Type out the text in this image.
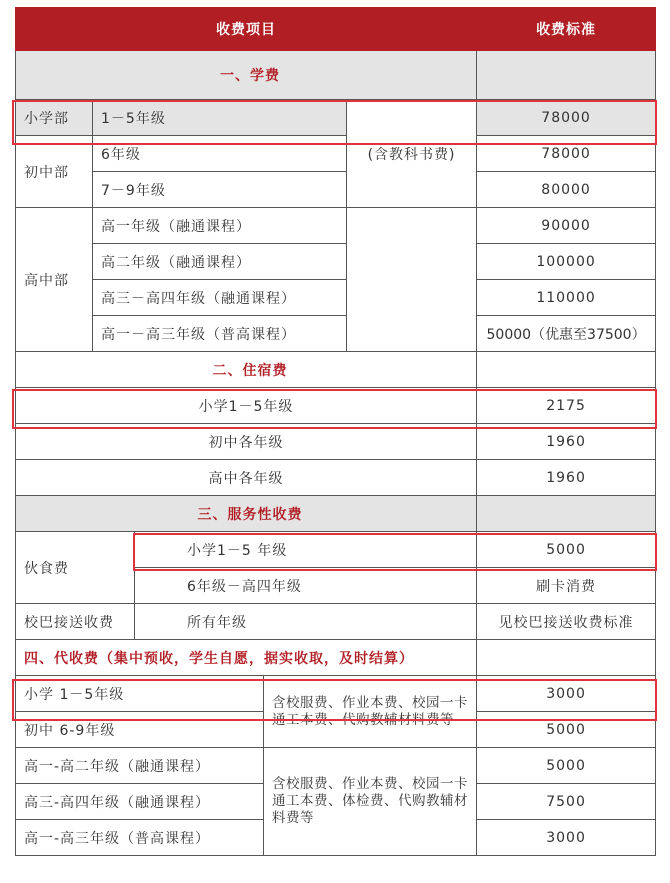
收费项目					收费标准
一、学费					
小学部	1－5年级			(含教科书费)	78000
初中部	6年级				78000
	7－9年级				80000
高中部	高一年级（融通课程）				90000
	高二年级（融通课程）				100000
	高三－高四年级（融通课程）				110000
	高一－高三年级（普高课程）				50000（优惠至37500）
二、住宿费					
小学1－5年级					2175
初中各年级					1960
高中各年级					1960
三、服务性收费					
伙食费		小学1－5 年级			5000
		6年级－高四年级			刷卡消费
校巴接送收费		所有年级			见校巴接送收费标准
四、代收费（集中预收，学生自愿，据实收取，及时结算）					
小学 1－5年级			含校服费、作业本费、校园一卡通工本费、代购教辅材料费等		3000
初中 6-9年级					5000
高一-高二年级（融通课程）			含校服费、作业本费、校园一卡通工本费、体检费、代购教辅材料费等		5000
高三-高四年级（融通课程）					7500
高一-高三年级（普高课程）					3000
